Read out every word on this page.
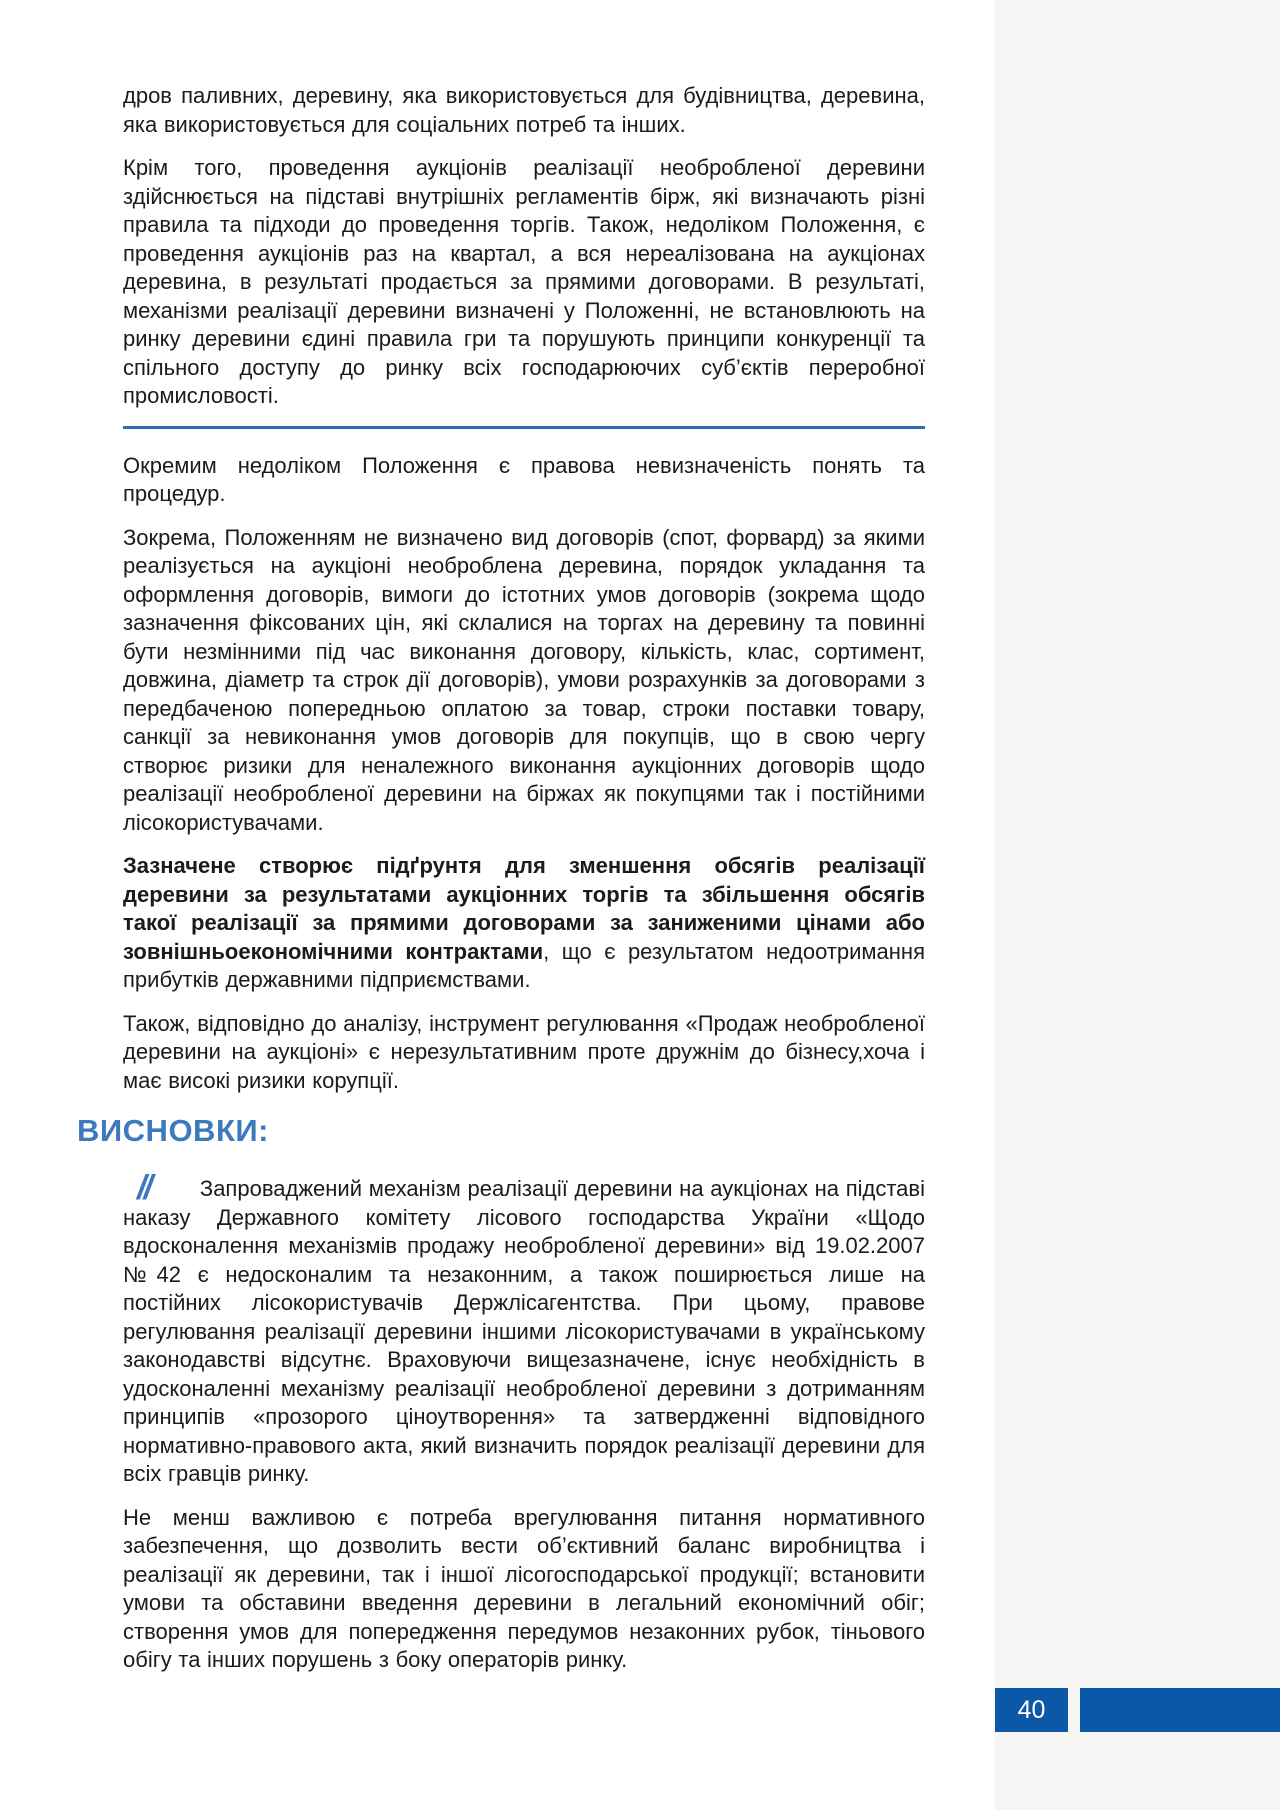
дров паливних, деревину, яка використовується для будівництва, деревина, яка використовується для соціальних потреб та інших.

Крім того, проведення аукціонів реалізації необробленої деревини здійснюється на підставі внутрішніх регламентів бірж, які визначають різні правила та підходи до проведення торгів. Також, недоліком Положення, є проведення аукціонів раз на квартал, а вся нереалізована на аукціонах деревина, в результаті продається за прямими договорами. В результаті, механізми реалізації деревини визначені у Положенні, не встановлюють на ринку деревини єдині правила гри та порушують принципи конкуренції та спільного доступу до ринку всіх господарюючих суб’єктів переробної промисловості.

Окремим недоліком Положення є правова невизначеність понять та процедур.

Зокрема, Положенням не визначено вид договорів (спот, форвард) за якими реалізується на аукціоні необроблена деревина, порядок укладання та оформлення договорів, вимоги до істотних умов договорів (зокрема щодо зазначення фіксованих цін, які склалися на торгах на деревину та повинні бути незмінними під час виконання договору, кількість, клас, сортимент, довжина, діаметр та строк дії договорів), умови розрахунків за договорами з передбаченою попередньою оплатою за товар, строки поставки товару, санкції за невиконання умов договорів для покупців, що в свою чергу створює ризики для неналежного виконання аукціонних договорів щодо реалізації необробленої деревини на біржах як покупцями так і постійними лісокористувачами.

Зазначене створює підґрунтя для зменшення обсягів реалізації деревини за результатами аукціонних торгів та збільшення обсягів такої реалізації за прямими договорами за заниженими цінами або зовнішньоекономічними контрактами, що є результатом недоотримання прибутків державними підприємствами.

Також, відповідно до аналізу, інструмент регулювання «Продаж необробленої деревини на аукціоні» є нерезультативним проте дружнім до бізнесу,хоча і має високі ризики корупції.

ВИСНОВКИ:

// Запроваджений механізм реалізації деревини на аукціонах на підставі наказу Державного комітету лісового господарства України «Щодо вдосконалення механізмів продажу необробленої деревини» від 19.02.2007 №42 є недосконалим та незаконним, а також поширюється лише на постійних лісокористувачів Держлісагентства. При цьому, правове регулювання реалізації деревини іншими лісокористувачами в українському законодавстві відсутнє. Враховуючи вищезазначене, існує необхідність в удосконаленні механізму реалізації необробленої деревини з дотриманням принципів «прозорого ціноутворення» та затвердженні відповідного нормативно-правового акта, який визначить порядок реалізації деревини для всіх гравців ринку.

Не менш важливою є потреба врегулювання питання нормативного забезпечення, що дозволить вести об’єктивний баланс виробництва і реалізації як деревини, так і іншої лісогосподарської продукції; встановити умови та обставини введення деревини в легальний економічний обіг; створення умов для попередження передумов незаконних рубок, тіньового обігу та інших порушень з боку операторів ринку.

40
